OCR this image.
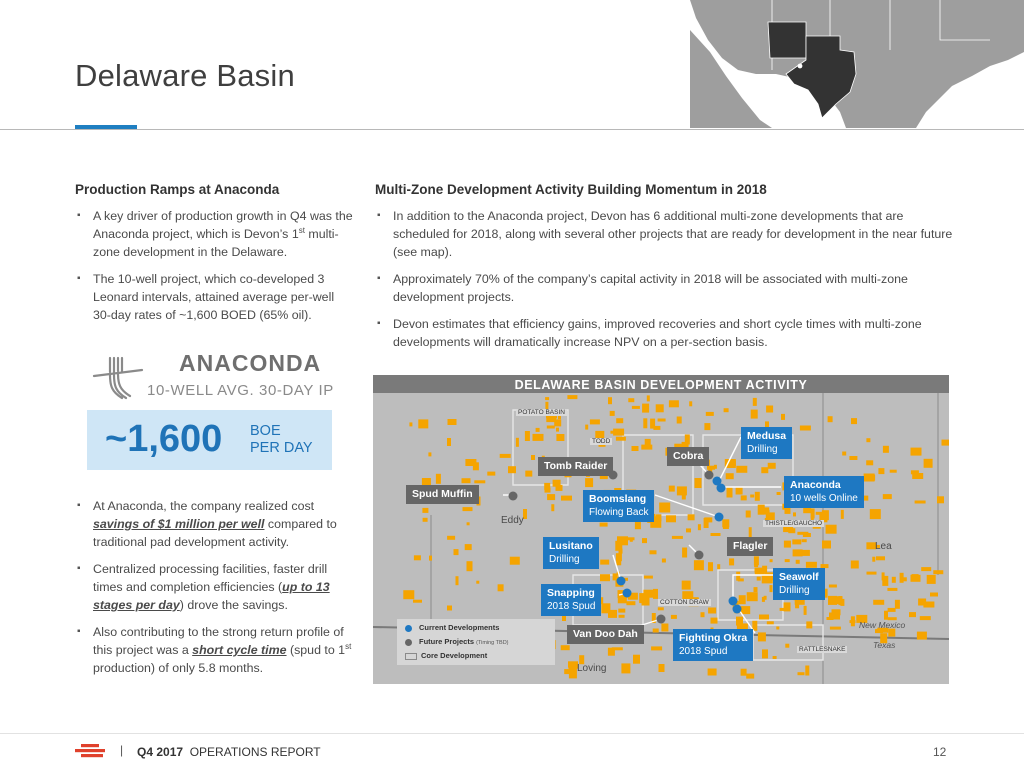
Delaware Basin
Production Ramps at Anaconda
▪ A key driver of production growth in Q4 was the Anaconda project, which is Devon’s 1st multi-zone development in the Delaware.
▪ The 10-well project, which co-developed 3 Leonard intervals, attained average per-well 30-day rates of ~1,600 BOED (65% oil).
ANACONDA
10-WELL AVG. 30-DAY IP
~1,600 BOE
PER DAY
▪ At Anaconda, the company realized cost savings of $1 million per well compared to traditional pad development activity.
▪ Centralized processing facilities, faster drill times and completion efficiencies (up to 13 stages per day) drove the savings.
▪ Also contributing to the strong return profile of this project was a short cycle time (spud to 1st production) of only 5.8 months.
Multi-Zone Development Activity Building Momentum in 2018
▪ In addition to the Anaconda project, Devon has 6 additional multi-zone developments that are scheduled for 2018, along with several other projects that are ready for development in the near future (see map).
▪ Approximately 70% of the company’s capital activity in 2018 will be associated with multi-zone development projects.
▪ Devon estimates that efficiency gains, improved recoveries and short cycle times with multi-zone developments will dramatically increase NPV on a per-section basis.
DELAWARE BASIN DEVELOPMENT ACTIVITY
POTATO BASIN
TODD
THISTLE/GAUCHO
COTTON DRAW
RATTLESNAKE
Eddy
Lea
Loving
New Mexico
Texas
Medusa
Drilling
Cobra
Tomb Raider
Anaconda
10 wells Online
Spud Muffin	Boomslang
Flowing Back
Flagler
Lusitano
Drilling
Seawolf
Drilling
Snapping
2018 Spud
Van Doo Dah	Fighting Okra
2018 Spud
Current Developments
Future Projects (Timing TBD)
Core Development
| Q4 2017 OPERATIONS REPORT	12
